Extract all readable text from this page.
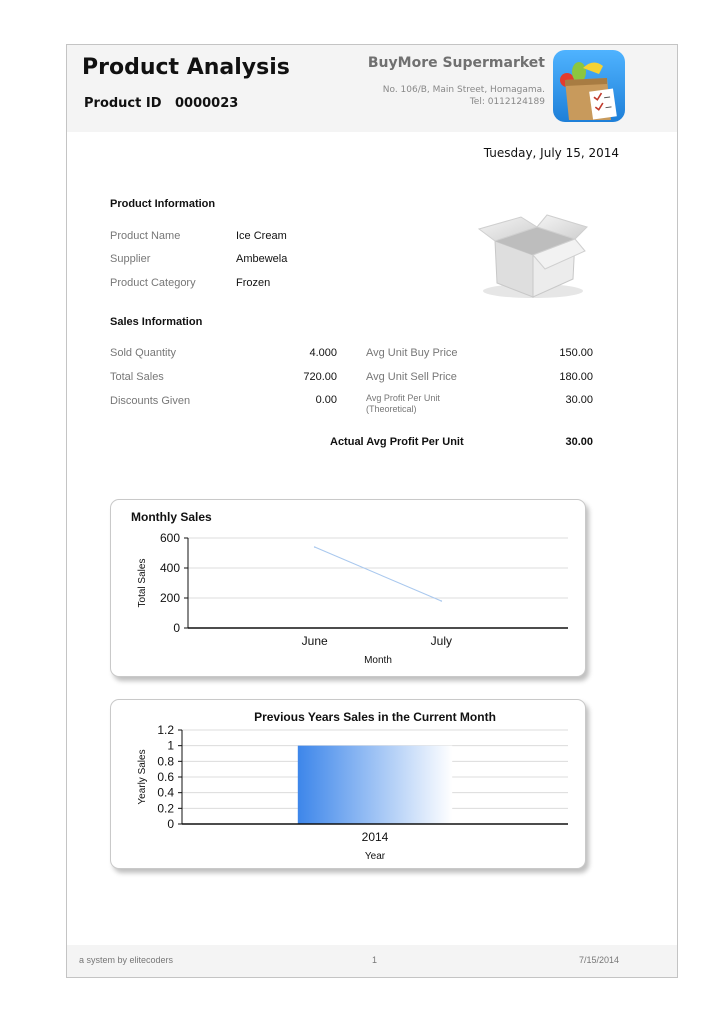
Product Analysis
Product ID 0000023
BuyMore Supermarket
No. 106/B, Main Street, Homagama.
Tel: 0112124189
Tuesday, July 15, 2014
Product Information
Product Name	Ice Cream
Supplier	Ambewela
Product Category	Frozen
Sales Information
Sold Quantity	4.000
Total Sales	720.00
Discounts Given	0.00
Avg Unit Buy Price	150.00
Avg Unit Sell Price	180.00
Avg Profit Per Unit
(Theoretical)
30.00
Actual Avg Profit Per Unit	30.00
Monthly Sales
0
200
400
600
June	July
Month
Total Sales
Previous Years Sales in the Current Month
0
0.2
0.4
0.6
0.8
1
1.2
2014
Year
Yearly Sales
a system by elitecoders	1	7/15/2014
